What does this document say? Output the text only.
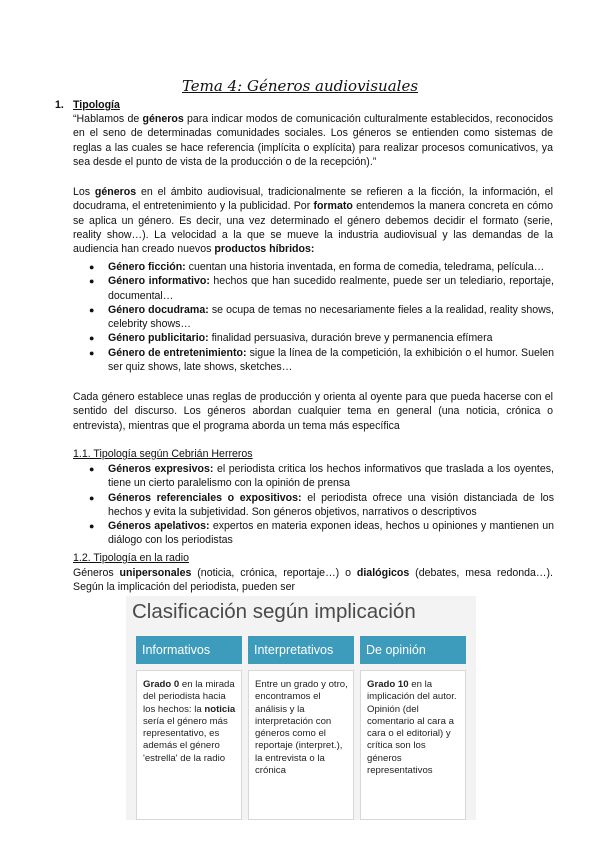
Tema 4: Géneros audiovisuales
1. Tipología
“Hablamos de géneros para indicar modos de comunicación culturalmente establecidos, reconocidos en el seno de determinadas comunidades sociales. Los géneros se entienden como sistemas de reglas a las cuales se hace referencia (implícita o explícita) para realizar procesos comunicativos, ya sea desde el punto de vista de la producción o de la recepción).”
Los géneros en el ámbito audiovisual, tradicionalmente se refieren a la ficción, la información, el docudrama, el entretenimiento y la publicidad. Por formato entendemos la manera concreta en cómo se aplica un género. Es decir, una vez determinado el género debemos decidir el formato (serie, reality show…). La velocidad a la que se mueve la industria audiovisual y las demandas de la audiencia han creado nuevos productos híbridos:
● Género ficción: cuentan una historia inventada, en forma de comedia, teledrama, película…
● Género informativo: hechos que han sucedido realmente, puede ser un telediario, reportaje, documental…
● Género docudrama: se ocupa de temas no necesariamente fieles a la realidad, reality shows, celebrity shows…
● Género publicitario: finalidad persuasiva, duración breve y permanencia efímera
● Género de entretenimiento: sigue la línea de la competición, la exhibición o el humor. Suelen ser quiz shows, late shows, sketches…
Cada género establece unas reglas de producción y orienta al oyente para que pueda hacerse con el sentido del discurso. Los géneros abordan cualquier tema en general (una noticia, crónica o entrevista), mientras que el programa aborda un tema más específica
1.1. Tipología según Cebrián Herreros
● Géneros expresivos: el periodista critica los hechos informativos que traslada a los oyentes, tiene un cierto paralelismo con la opinión de prensa
● Géneros referenciales o expositivos: el periodista ofrece una visión distanciada de los hechos y evita la subjetividad. Son géneros objetivos, narrativos o descriptivos
● Géneros apelativos: expertos en materia exponen ideas, hechos u opiniones y mantienen un diálogo con los periodistas
1.2. Tipología en la radio
Géneros unipersonales (noticia, crónica, reportaje…) o dialógicos (debates, mesa redonda…). Según la implicación del periodista, pueden ser
Clasificación según implicación
Informativos
Grado 0 en la mirada del periodista hacia los hechos: la noticia sería el género más representativo, es además el género 'estrella' de la radio
Interpretativos
Entre un grado y otro, encontramos el análisis y la interpretación con géneros como el reportaje (interpret.), la entrevista o la crónica
De opinión
Grado 10 en la implicación del autor. Opinión (del comentario al cara a cara o el editorial) y crítica son los géneros representativos
